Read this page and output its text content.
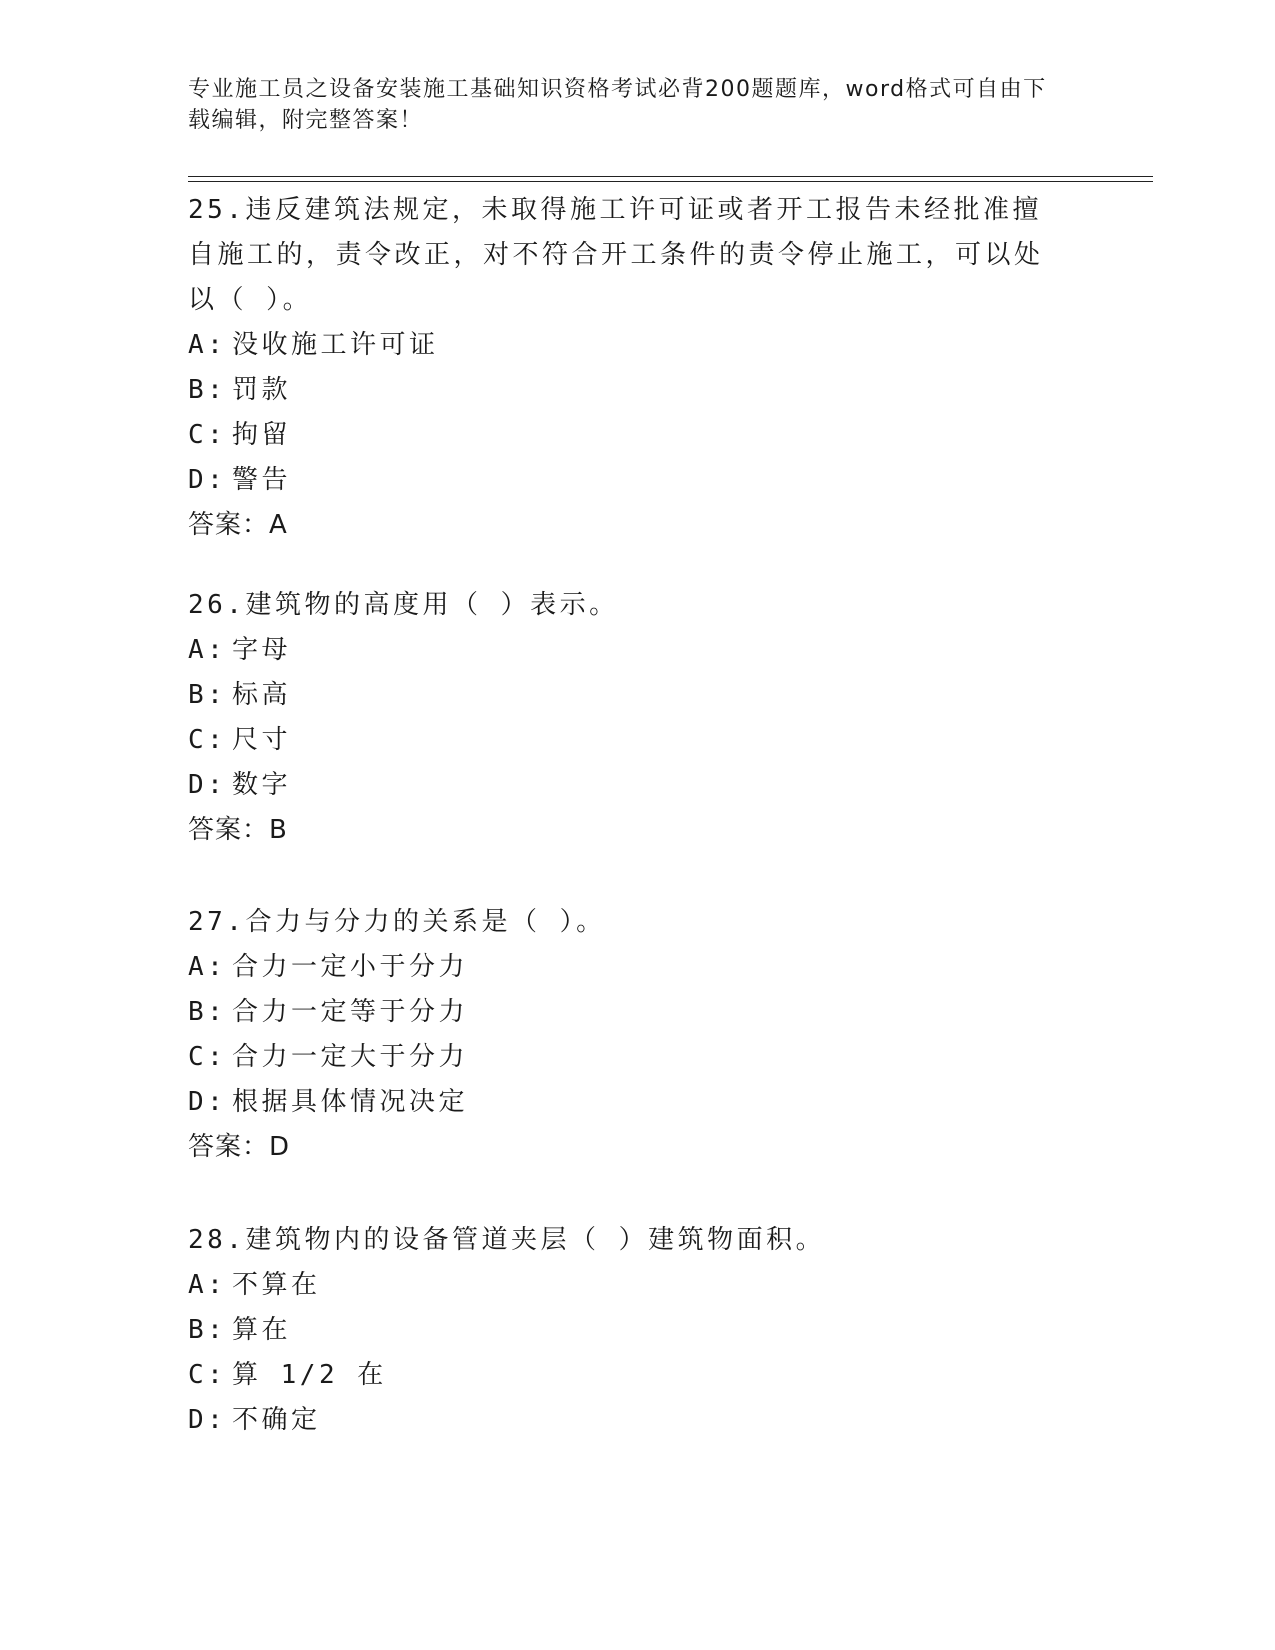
专业施工员之设备安装施工基础知识资格考试必背200题题库，word格式可自由下载编辑，附完整答案！

25.违反建筑法规定，未取得施工许可证或者开工报告未经批准擅自施工的，责令改正，对不符合开工条件的责令停止施工，可以处以（ ）。

A: 没收施工许可证

B: 罚款

C: 拘留

D: 警告

答案：A

26.建筑物的高度用（ ）表示。

A: 字母

B: 标高

C: 尺寸

D: 数字

答案：B

27.合力与分力的关系是（ ）。

A: 合力一定小于分力

B: 合力一定等于分力

C: 合力一定大于分力

D: 根据具体情况决定

答案：D

28.建筑物内的设备管道夹层（ ）建筑物面积。

A: 不算在

B: 算在

C: 算 1/2 在

D: 不确定
